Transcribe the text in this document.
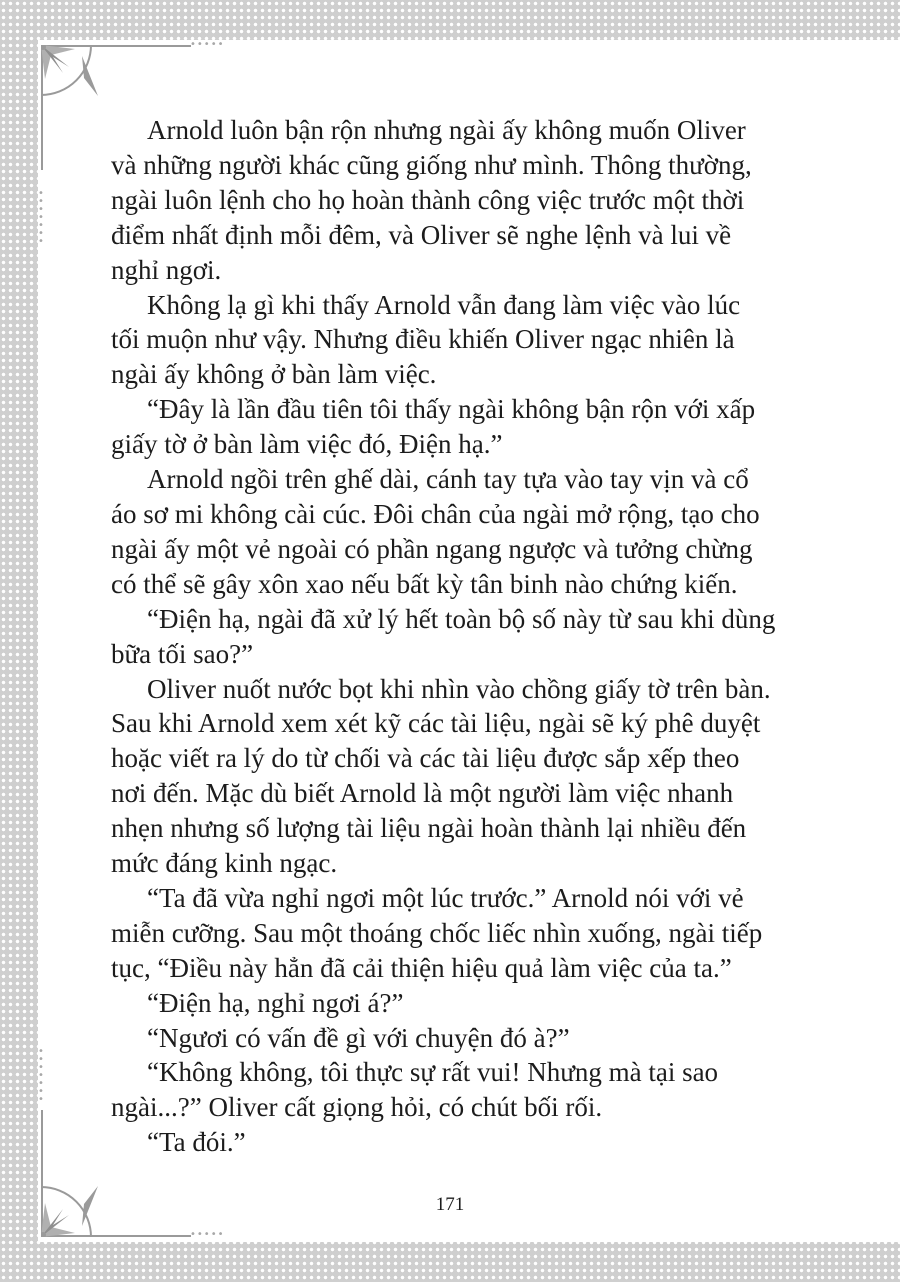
•••••
•••••••
•••••
•••••••

Arnold luôn bận rộn nhưng ngài ấy không muốn Oliver
và những người khác cũng giống như mình. Thông thường,
ngài luôn lệnh cho họ hoàn thành công việc trước một thời
điểm nhất định mỗi đêm, và Oliver sẽ nghe lệnh và lui về
nghỉ ngơi.

Không lạ gì khi thấy Arnold vẫn đang làm việc vào lúc
tối muộn như vậy. Nhưng điều khiến Oliver ngạc nhiên là
ngài ấy không ở bàn làm việc.

“Đây là lần đầu tiên tôi thấy ngài không bận rộn với xấp
giấy tờ ở bàn làm việc đó, Điện hạ.”

Arnold ngồi trên ghế dài, cánh tay tựa vào tay vịn và cổ
áo sơ mi không cài cúc. Đôi chân của ngài mở rộng, tạo cho
ngài ấy một vẻ ngoài có phần ngang ngược và tưởng chừng
có thể sẽ gây xôn xao nếu bất kỳ tân binh nào chứng kiến.

“Điện hạ, ngài đã xử lý hết toàn bộ số này từ sau khi dùng
bữa tối sao?”

Oliver nuốt nước bọt khi nhìn vào chồng giấy tờ trên bàn.
Sau khi Arnold xem xét kỹ các tài liệu, ngài sẽ ký phê duyệt
hoặc viết ra lý do từ chối và các tài liệu được sắp xếp theo
nơi đến. Mặc dù biết Arnold là một người làm việc nhanh
nhẹn nhưng số lượng tài liệu ngài hoàn thành lại nhiều đến
mức đáng kinh ngạc.

“Ta đã vừa nghỉ ngơi một lúc trước.” Arnold nói với vẻ
miễn cưỡng. Sau một thoáng chốc liếc nhìn xuống, ngài tiếp
tục, “Điều này hẳn đã cải thiện hiệu quả làm việc của ta.”

“Điện hạ, nghỉ ngơi á?”

“Ngươi có vấn đề gì với chuyện đó à?”

“Không không, tôi thực sự rất vui! Nhưng mà tại sao
ngài...?” Oliver cất giọng hỏi, có chút bối rối.

“Ta đói.”

171
